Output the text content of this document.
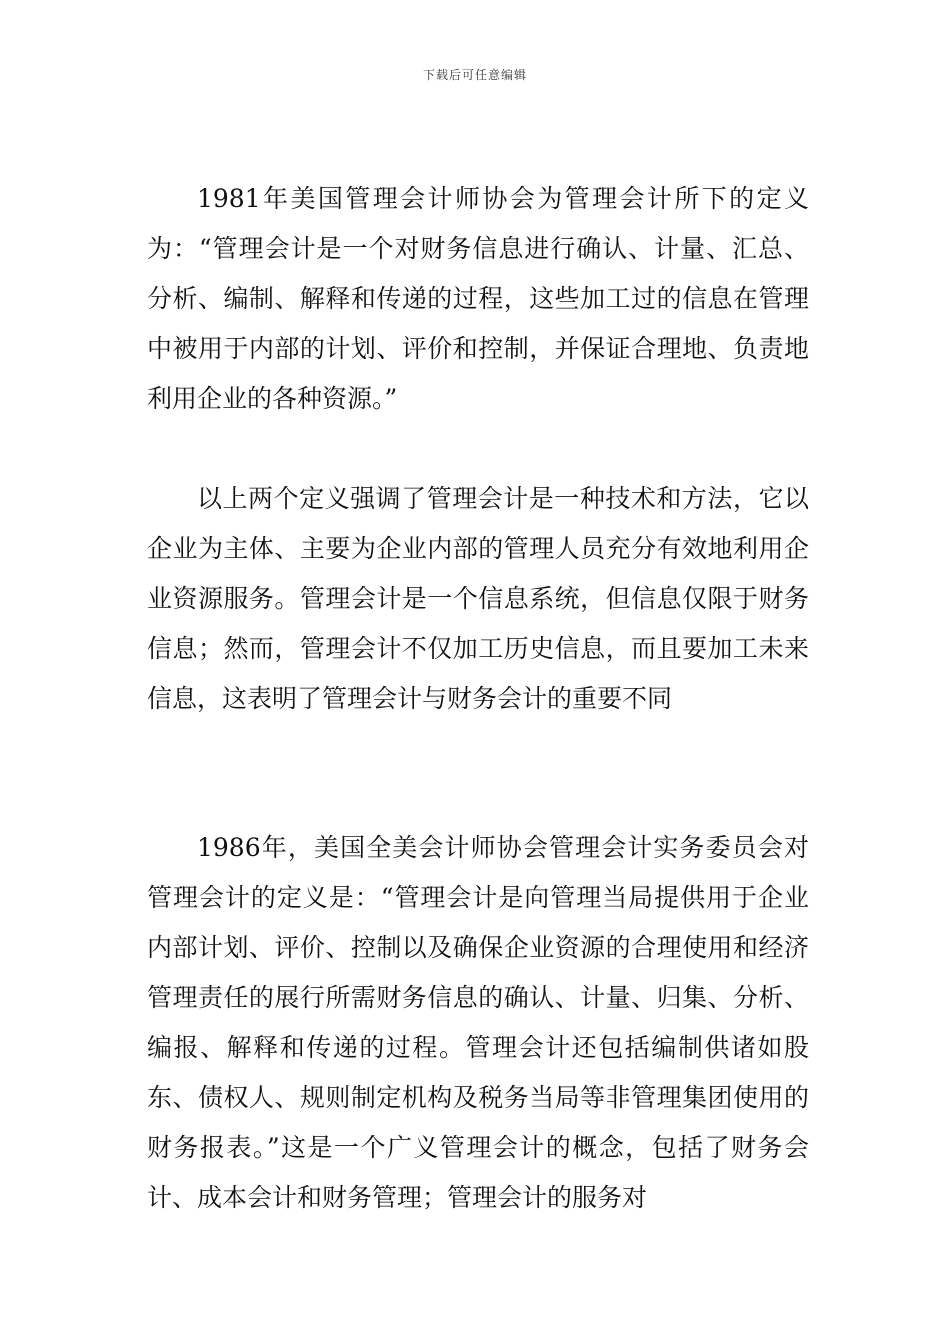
下载后可任意编辑

1981年美国管理会计师协会为管理会计所下的定义为：“管理会计是一个对财务信息进行确认、计量、汇总、分析、编制、解释和传递的过程，这些加工过的信息在管理中被用于内部的计划、评价和控制，并保证合理地、负责地利用企业的各种资源。”

以上两个定义强调了管理会计是一种技术和方法，它以企业为主体、主要为企业内部的管理人员充分有效地利用企业资源服务。管理会计是一个信息系统，但信息仅限于财务信息；然而，管理会计不仅加工历史信息，而且要加工未来信息，这表明了管理会计与财务会计的重要不同

1986年，美国全美会计师协会管理会计实务委员会对管理会计的定义是：“管理会计是向管理当局提供用于企业内部计划、评价、控制以及确保企业资源的合理使用和经济管理责任的展行所需财务信息的确认、计量、归集、分析、编报、解释和传递的过程。管理会计还包括编制供诸如股东、债权人、规则制定机构及税务当局等非管理集团使用的财务报表。”这是一个广义管理会计的概念，包括了财务会计、成本会计和财务管理；管理会计的服务对
